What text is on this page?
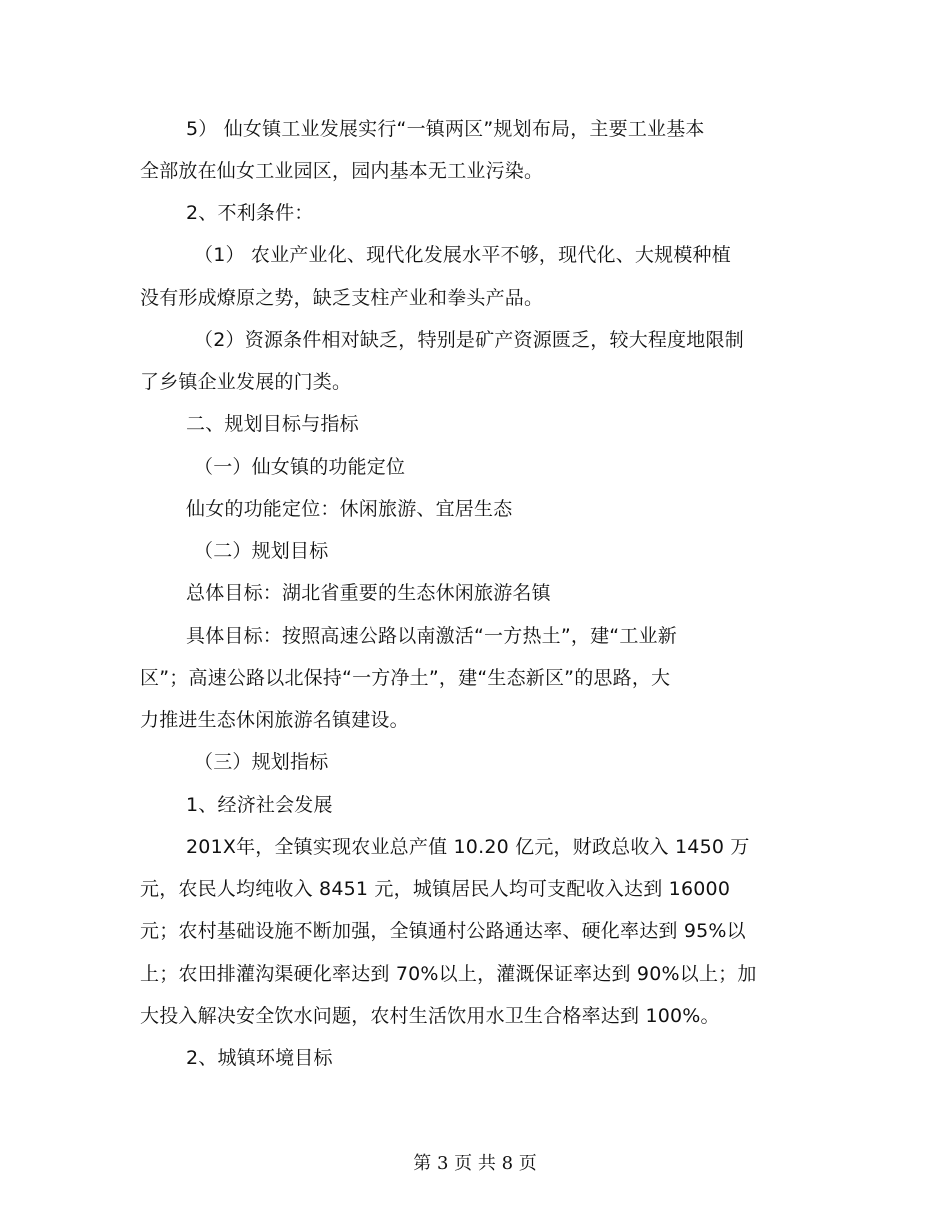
5） 仙女镇工业发展实行“一镇两区”规划布局，主要工业基本
全部放在仙女工业园区，园内基本无工业污染。
2、不利条件：
（1） 农业产业化、现代化发展水平不够，现代化、大规模种植
没有形成燎原之势，缺乏支柱产业和拳头产品。
（2）资源条件相对缺乏，特别是矿产资源匮乏，较大程度地限制
了乡镇企业发展的门类。
二、规划目标与指标
（一）仙女镇的功能定位
仙女的功能定位：休闲旅游、宜居生态
（二）规划目标
总体目标：湖北省重要的生态休闲旅游名镇
具体目标：按照高速公路以南激活“一方热土”，建“工业新
区”；高速公路以北保持“一方净土”，建“生态新区”的思路，大
力推进生态休闲旅游名镇建设。
（三）规划指标
1、经济社会发展
201X年，全镇实现农业总产值 10.20 亿元，财政总收入 1450 万
元，农民人均纯收入 8451 元，城镇居民人均可支配收入达到 16000
元；农村基础设施不断加强，全镇通村公路通达率、硬化率达到 95%以
上；农田排灌沟渠硬化率达到 70%以上，灌溉保证率达到 90%以上；加
大投入解决安全饮水问题，农村生活饮用水卫生合格率达到 100%。
2、城镇环境目标
第 3 页 共 8 页
